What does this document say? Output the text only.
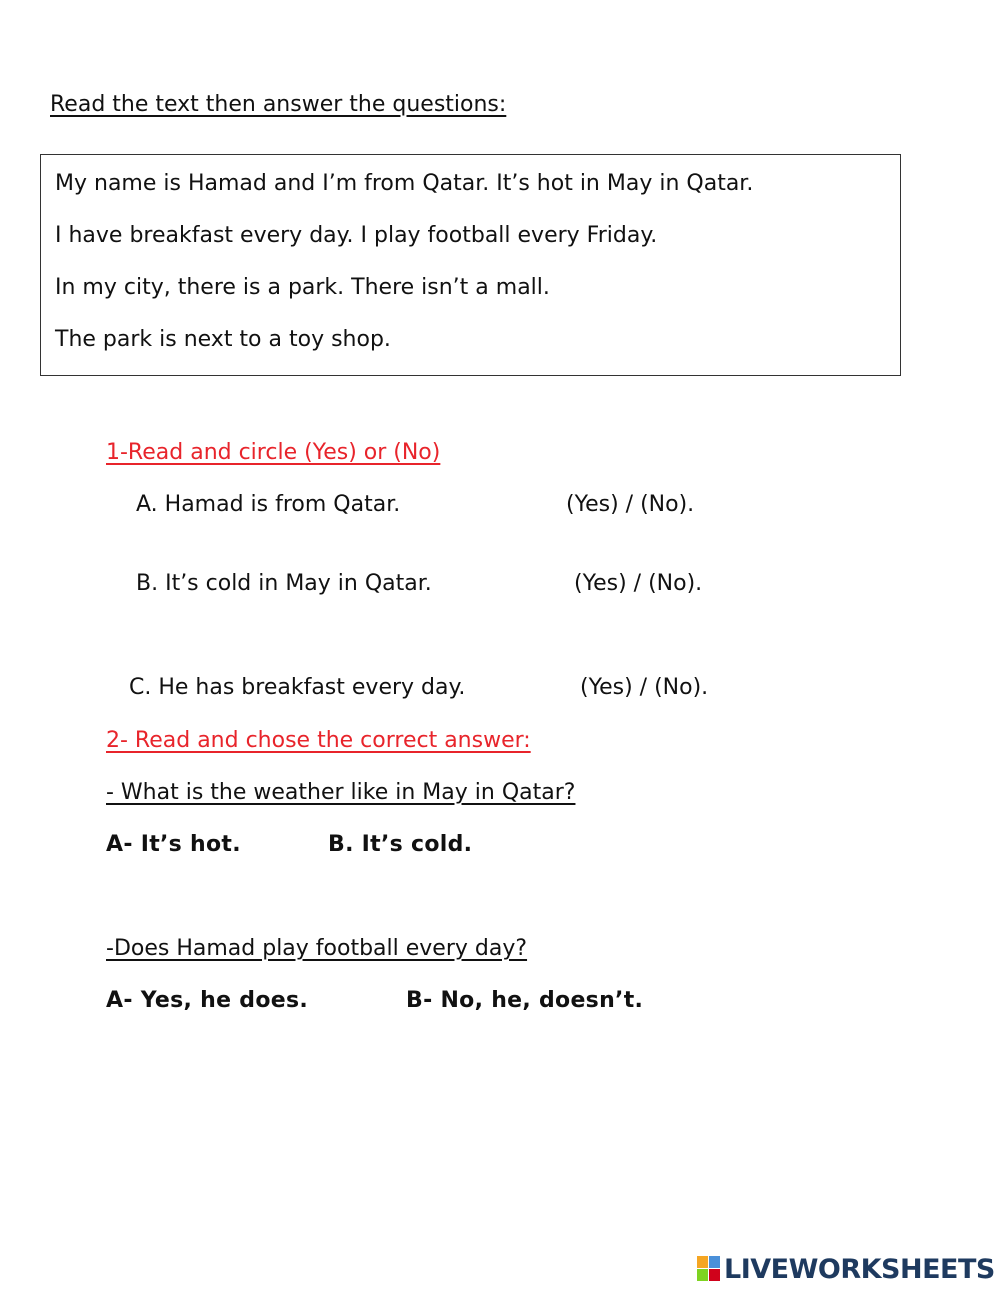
Read the text then answer the questions:
My name is Hamad and I’m from Qatar. It’s hot in May in Qatar.
I have breakfast every day. I play football every Friday.
In my city, there is a park. There isn’t a mall.
The park is next to a toy shop.
1-Read and circle (Yes) or (No)
A. Hamad is from Qatar.	(Yes) / (No).
B. It’s cold in May in Qatar.	(Yes) / (No).
C. He has breakfast every day.	(Yes) / (No).
2- Read and chose the correct answer:
- What is the weather like in May in Qatar?
A- It’s hot.	B. It’s cold.
-Does Hamad play football every day?
A- Yes, he does.	B- No, he, doesn’t.
LIVEWORKSHEETS
